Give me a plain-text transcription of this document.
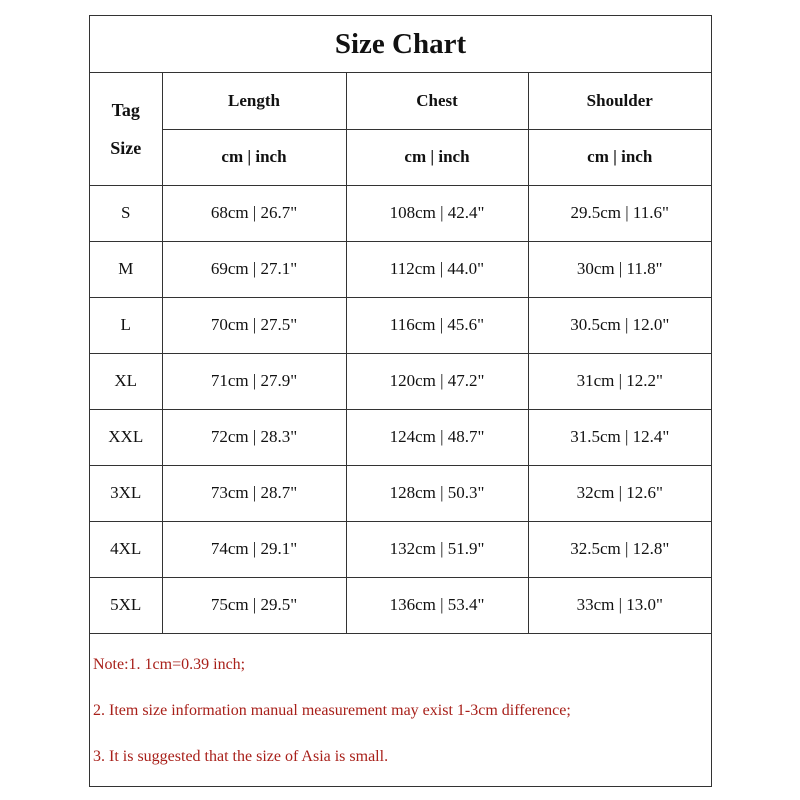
Size Chart
Tag
Size	Length	Chest	Shoulder
	cm | inch	cm | inch	cm | inch
S	68cm | 26.7"	108cm | 42.4"	29.5cm | 11.6"
M	69cm | 27.1"	112cm | 44.0"	30cm | 11.8"
L	70cm | 27.5"	116cm | 45.6"	30.5cm | 12.0"
XL	71cm | 27.9"	120cm | 47.2"	31cm | 12.2"
XXL	72cm | 28.3"	124cm | 48.7"	31.5cm | 12.4"
3XL	73cm | 28.7"	128cm | 50.3"	32cm | 12.6"
4XL	74cm | 29.1"	132cm | 51.9"	32.5cm | 12.8"
5XL	75cm | 29.5"	136cm | 53.4"	33cm | 13.0"
Note:1. 1cm=0.39 inch;
2. Item size information manual measurement may exist 1-3cm difference;
3. It is suggested that the size of Asia is small.
